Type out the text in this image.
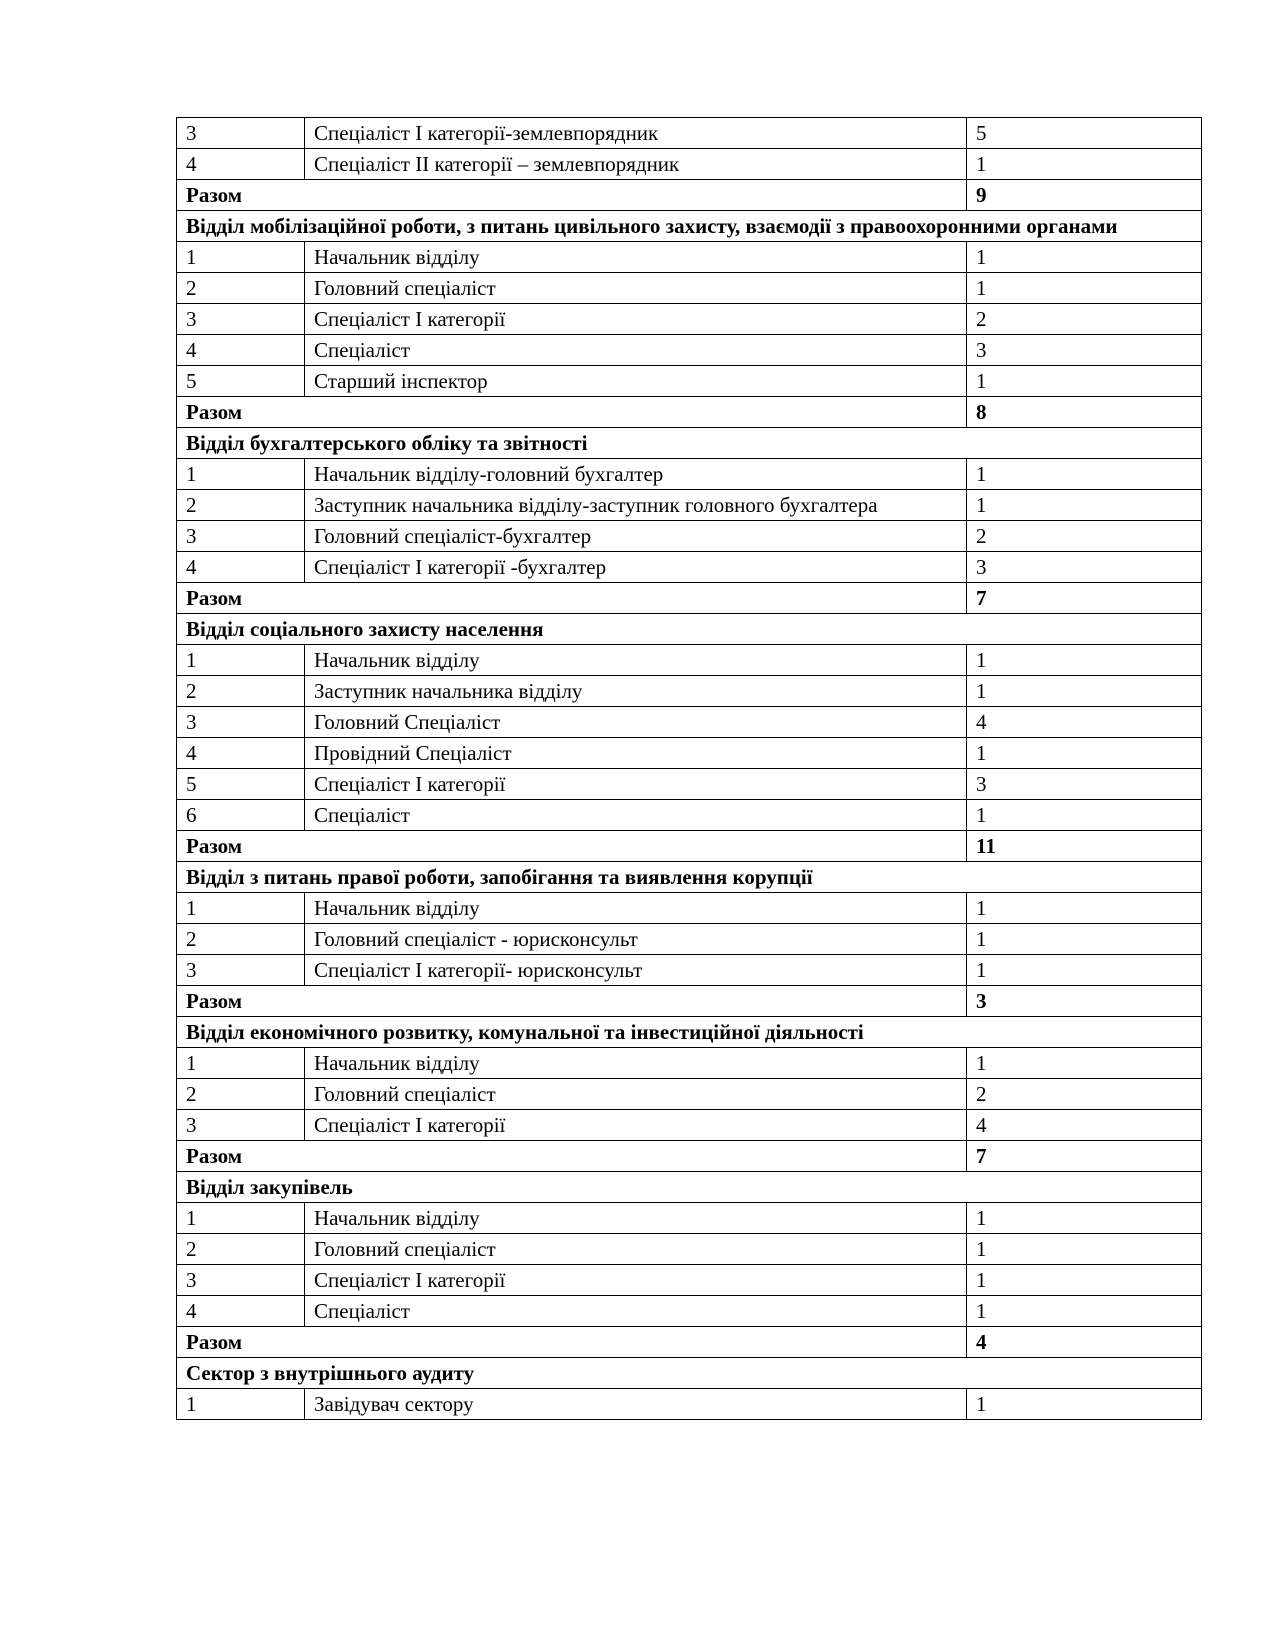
3	Спеціаліст І категорії-землевпорядник	5
4	Спеціаліст ІІ категорії – землевпорядник	1
Разом		9
Відділ мобілізаційної роботи, з питань цивільного захисту, взаємодії з правоохоронними органами		
1	Начальник відділу	1
2	Головний спеціаліст	1
3	Спеціаліст І категорії	2
4	Спеціаліст	3
5	Старший інспектор	1
Разом		8
Відділ бухгалтерського обліку та звітності		
1	Начальник відділу-головний бухгалтер	1
2	Заступник начальника відділу-заступник головного бухгалтера	1
3	Головний спеціаліст-бухгалтер	2
4	Спеціаліст І категорії -бухгалтер	3
Разом		7
Відділ соціального захисту населення		
1	Начальник відділу	1
2	Заступник начальника відділу	1
3	Головний Спеціаліст	4
4	Провідний Спеціаліст	1
5	Спеціаліст І категорії	3
6	Спеціаліст	1
Разом		11
Відділ з питань правої роботи, запобігання та виявлення корупції		
1	Начальник відділу	1
2	Головний спеціаліст - юрисконсульт	1
3	Спеціаліст І категорії- юрисконсульт	1
Разом		3
Відділ економічного розвитку, комунальної та інвестиційної діяльності		
1	Начальник відділу	1
2	Головний спеціаліст	2
3	Спеціаліст І категорії	4
Разом		7
Відділ закупівель		
1	Начальник відділу	1
2	Головний спеціаліст	1
3	Спеціаліст І категорії	1
4	Спеціаліст	1
Разом		4
Сектор з внутрішнього аудиту		
1	Завідувач сектору	1
